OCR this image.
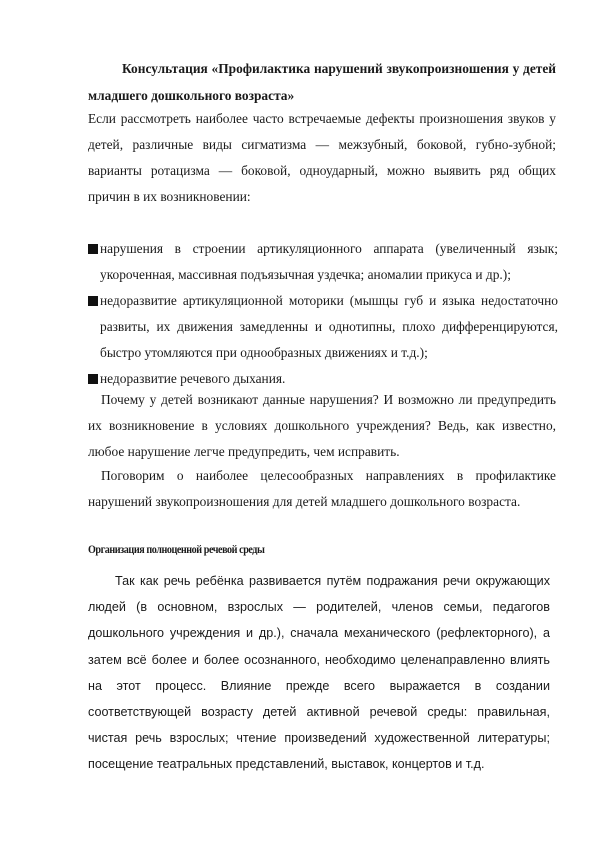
Консультация «Профилактика нарушений звукопроизношения у детей младшего дошкольного возраста»
Если рассмотреть наиболее часто встречаемые дефекты произношения звуков у детей, различные виды сигматизма — межзубный, боковой, губно-зубной; варианты ротацизма — боковой, одноударный, можно выявить ряд общих причин в их возникновении:
нарушения в строении артикуляционного аппарата (увеличенный язык; укороченная, массивная подъязычная уздечка; аномалии прикуса и др.);
недоразвитие артикуляционной моторики (мышцы губ и языка недостаточно развиты, их движения замедленны и однотипны, плохо дифференцируются, быстро утомляются при однообразных движениях и т.д.);
недоразвитие речевого дыхания.
Почему у детей возникают данные нарушения? И возможно ли предупредить их возникновение в условиях дошкольного учреждения? Ведь, как известно, любое нарушение легче предупредить, чем исправить.
Поговорим о наиболее целесообразных направлениях в профилактике нарушений звукопроизношения для детей младшего дошкольного возраста.
Организация полноценной речевой среды
Так как речь ребёнка развивается путём подражания речи окружающих людей (в основном, взрослых — родителей, членов семьи, педагогов дошкольного учреждения и др.), сначала механического (рефлекторного), а затем всё более и более осознанного, необходимо целенаправленно влиять на этот процесс. Влияние прежде всего выражается в создании соответствующей возрасту детей активной речевой среды: правильная, чистая речь взрослых; чтение произведений художественной литературы; посещение театральных представлений, выставок, концертов и т.д.
